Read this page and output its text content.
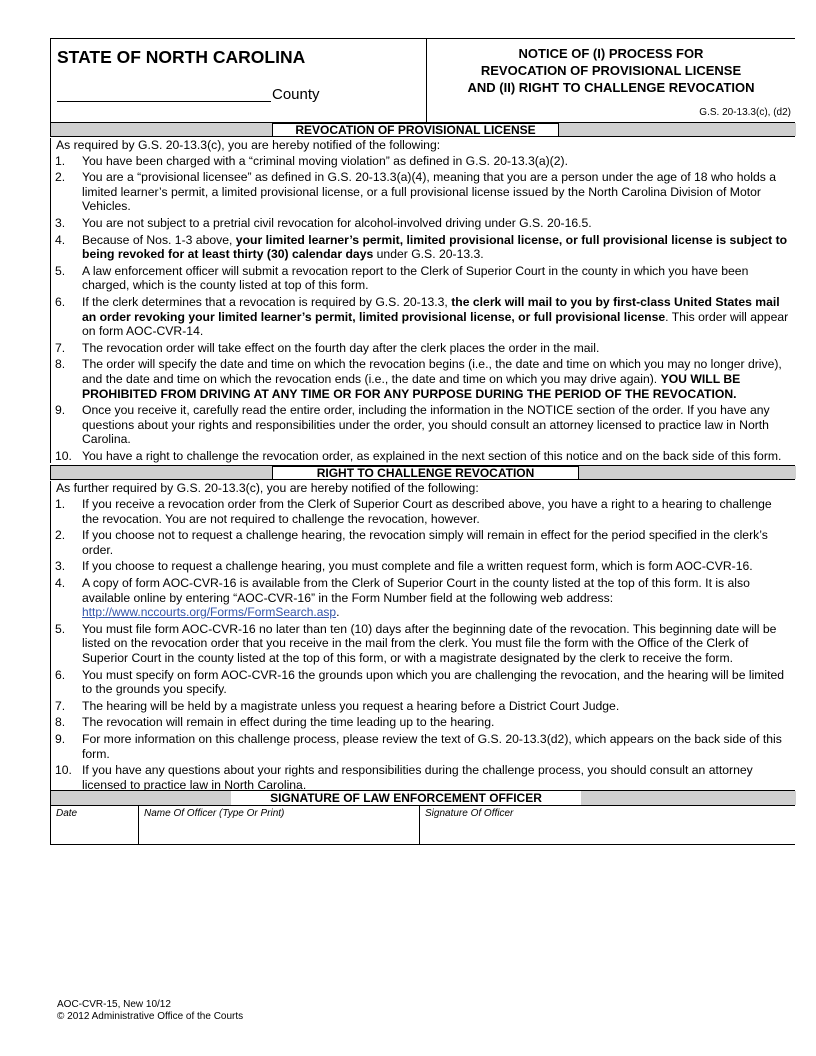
STATE OF NORTH CAROLINA
County
NOTICE OF (I) PROCESS FOR
REVOCATION OF PROVISIONAL LICENSE
AND (II) RIGHT TO CHALLENGE REVOCATION
G.S. 20-13.3(c), (d2)
REVOCATION OF PROVISIONAL LICENSE
As required by G.S. 20-13.3(c), you are hereby notified of the following:
1.	You have been charged with a “criminal moving violation” as defined in G.S. 20-13.3(a)(2).
2.	You are a “provisional licensee” as defined in G.S. 20-13.3(a)(4), meaning that you are a person under the age of 18 who holds a limited learner’s permit, a limited provisional license, or a full provisional license issued by the North Carolina Division of Motor Vehicles.
3.	You are not subject to a pretrial civil revocation for alcohol-involved driving under G.S. 20-16.5.
4.	Because of Nos. 1-3 above, your limited learner’s permit, limited provisional license, or full provisional license is subject to being revoked for at least thirty (30) calendar days under G.S. 20-13.3.
5.	A law enforcement officer will submit a revocation report to the Clerk of Superior Court in the county in which you have been charged, which is the county listed at top of this form.
6.	If the clerk determines that a revocation is required by G.S. 20-13.3, the clerk will mail to you by first-class United States mail an order revoking your limited learner’s permit, limited provisional license, or full provisional license. This order will appear on form AOC-CVR-14.
7.	The revocation order will take effect on the fourth day after the clerk places the order in the mail.
8.	The order will specify the date and time on which the revocation begins (i.e., the date and time on which you may no longer drive), and the date and time on which the revocation ends (i.e., the date and time on which you may drive again). YOU WILL BE PROHIBITED FROM DRIVING AT ANY TIME OR FOR ANY PURPOSE DURING THE PERIOD OF THE REVOCATION.
9.	Once you receive it, carefully read the entire order, including the information in the NOTICE section of the order. If you have any questions about your rights and responsibilities under the order, you should consult an attorney licensed to practice law in North Carolina.
10. You have a right to challenge the revocation order, as explained in the next section of this notice and on the back side of this form.
RIGHT TO CHALLENGE REVOCATION
As further required by G.S. 20-13.3(c), you are hereby notified of the following:
1.	If you receive a revocation order from the Clerk of Superior Court as described above, you have a right to a hearing to challenge the revocation. You are not required to challenge the revocation, however.
2.	If you choose not to request a challenge hearing, the revocation simply will remain in effect for the period specified in the clerk’s order.
3.	If you choose to request a challenge hearing, you must complete and file a written request form, which is form AOC-CVR-16.
4.	A copy of form AOC-CVR-16 is available from the Clerk of Superior Court in the county listed at the top of this form. It is also available online by entering “AOC-CVR-16” in the Form Number field at the following web address:
http://www.nccourts.org/Forms/FormSearch.asp.
5.	You must file form AOC-CVR-16 no later than ten (10) days after the beginning date of the revocation. This beginning date will be listed on the revocation order that you receive in the mail from the clerk. You must file the form with the Office of the Clerk of Superior Court in the county listed at the top of this form, or with a magistrate designated by the clerk to receive the form.
6.	You must specify on form AOC-CVR-16 the grounds upon which you are challenging the revocation, and the hearing will be limited to the grounds you specify.
7.	The hearing will be held by a magistrate unless you request a hearing before a District Court Judge.
8.	The revocation will remain in effect during the time leading up to the hearing.
9.	For more information on this challenge process, please review the text of G.S. 20-13.3(d2), which appears on the back side of this form.
10. If you have any questions about your rights and responsibilities during the challenge process, you should consult an attorney licensed to practice law in North Carolina.
SIGNATURE OF LAW ENFORCEMENT OFFICER
Date	Name Of Officer (Type Or Print)	Signature Of Officer
AOC-CVR-15, New 10/12
© 2012 Administrative Office of the Courts
